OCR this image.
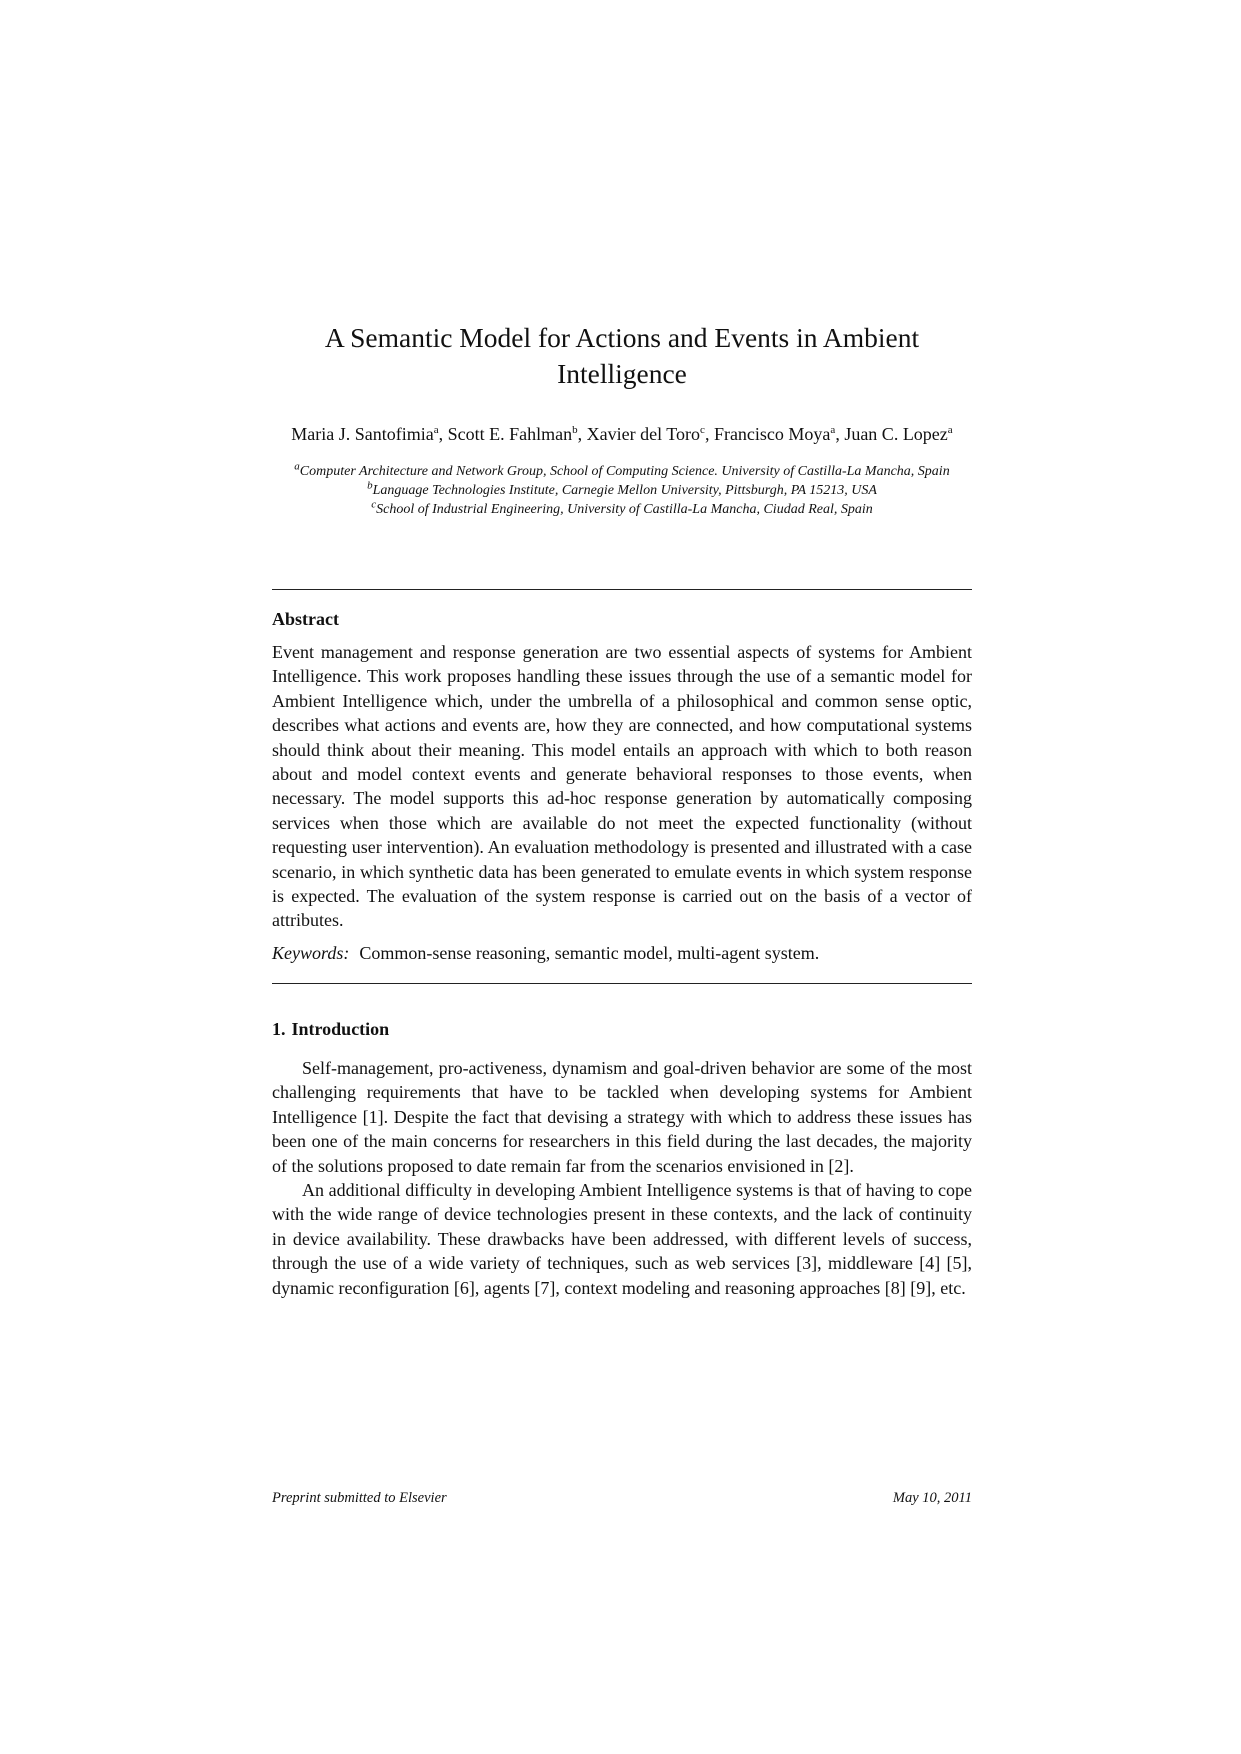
A Semantic Model for Actions and Events in Ambient Intelligence
Maria J. Santofimia$^a$, Scott E. Fahlman$^b$, Xavier del Toro$^c$, Francisco Moya$^a$, Juan C. Lopez$^a$

$^a$Computer Architecture and Network Group, School of Computing Science. University of Castilla-La Mancha, Spain

$^b$Language Technologies Institute, Carnegie Mellon University, Pittsburgh, PA 15213, USA

$^c$School of Industrial Engineering, University of Castilla-La Mancha, Ciudad Real, Spain

Abstract

Event management and response generation are two essential aspects of systems for Ambient Intelligence. This work proposes handling these issues through the use of a semantic model for Ambient Intelligence which, under the umbrella of a philosophical and common sense optic, describes what actions and events are, how they are connected, and how computational systems should think about their meaning. This model entails an approach with which to both reason about and model context events and generate behavioral responses to those events, when necessary. The model supports this ad-hoc response generation by automatically composing services when those which are available do not meet the expected functionality (without requesting user intervention). An evaluation methodology is presented and illustrated with a case scenario, in which synthetic data has been generated to emulate events in which system response is expected. The evaluation of the system response is carried out on the basis of a vector of attributes.

Keywords: Common-sense reasoning, semantic model, multi-agent system.
1. Introduction

Self-management, pro-activeness, dynamism and goal-driven behavior are some of the most challenging requirements that have to be tackled when developing systems for Ambient Intelligence [1]. Despite the fact that devising a strategy with which to address these issues has been one of the main concerns for researchers in this field during the last decades, the majority of the solutions proposed to date remain far from the scenarios envisioned in [2].

An additional difficulty in developing Ambient Intelligence systems is that of having to cope with the wide range of device technologies present in these contexts, and the lack of continuity in device availability. These drawbacks have been addressed, with different levels of success, through the use of a wide variety of techniques, such as web services [3], middleware [4] [5], dynamic reconfiguration [6], agents [7], context modeling and reasoning approaches [8] [9], etc.

Preprint submitted to Elsevier	May 10, 2011
